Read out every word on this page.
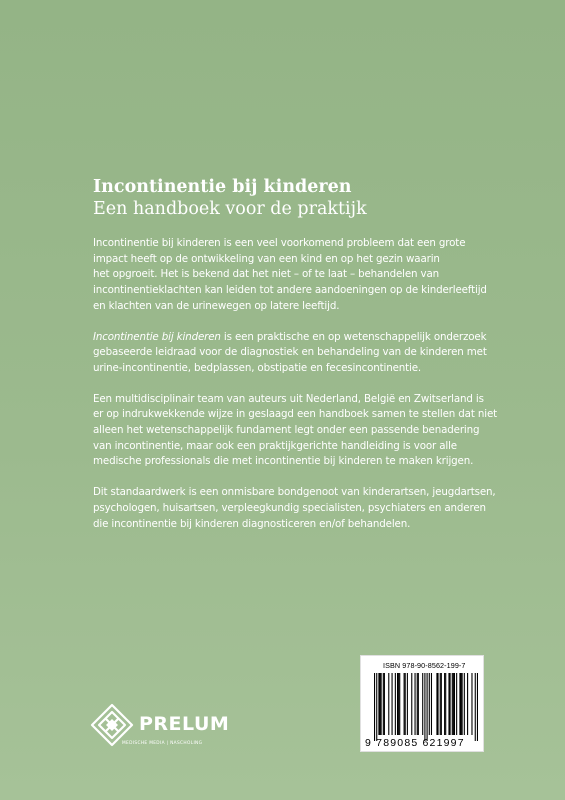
Incontinentie bij kinderen
Een handboek voor de praktijk

Incontinentie bij kinderen is een veel voorkomend probleem dat een grote
impact heeft op de ontwikkeling van een kind en op het gezin waarin
het opgroeit. Het is bekend dat het niet – of te laat – behandelen van
incontinentieklachten kan leiden tot andere aandoeningen op de kinderleeftijd
en klachten van de urinewegen op latere leeftijd.

Incontinentie bij kinderen is een praktische en op wetenschappelijk onderzoek
gebaseerde leidraad voor de diagnostiek en behandeling van de kinderen met
urine-incontinentie, bedplassen, obstipatie en fecesincontinentie.

Een multidisciplinair team van auteurs uit Nederland, België en Zwitserland is
er op indrukwekkende wijze in geslaagd een handboek samen te stellen dat niet
alleen het wetenschappelijk fundament legt onder een passende benadering
van incontinentie, maar ook een praktijkgerichte handleiding is voor alle
medische professionals die met incontinentie bij kinderen te maken krijgen.

Dit standaardwerk is een onmisbare bondgenoot van kinderartsen, jeugdartsen,
psychologen, huisartsen, verpleegkundig specialisten, psychiaters en anderen
die incontinentie bij kinderen diagnosticeren en/of behandelen.

PRELUM
MEDISCHE MEDIA | NASCHOLING
ISBN 978-90-8562-199-7
9 789085 621997
